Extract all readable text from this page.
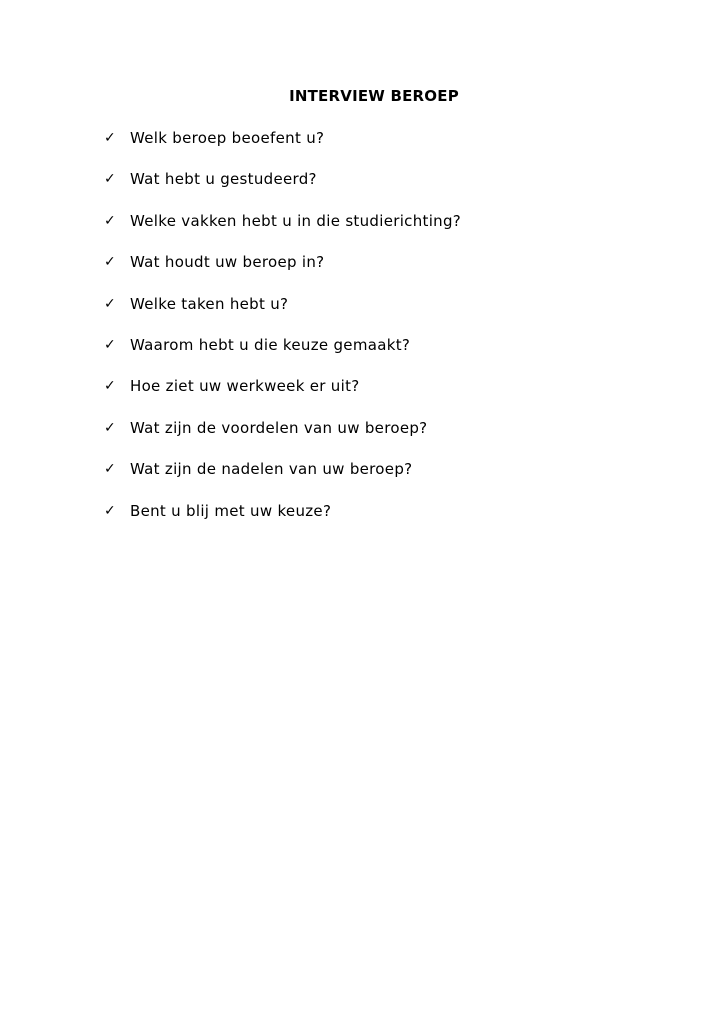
INTERVIEW BEROEP
✓ Welk beroep beoefent u?
✓ Wat hebt u gestudeerd?
✓ Welke vakken hebt u in die studierichting?
✓ Wat houdt uw beroep in?
✓ Welke taken hebt u?
✓ Waarom hebt u die keuze gemaakt?
✓ Hoe ziet uw werkweek er uit?
✓ Wat zijn de voordelen van uw beroep?
✓ Wat zijn de nadelen van uw beroep?
✓ Bent u blij met uw keuze?
